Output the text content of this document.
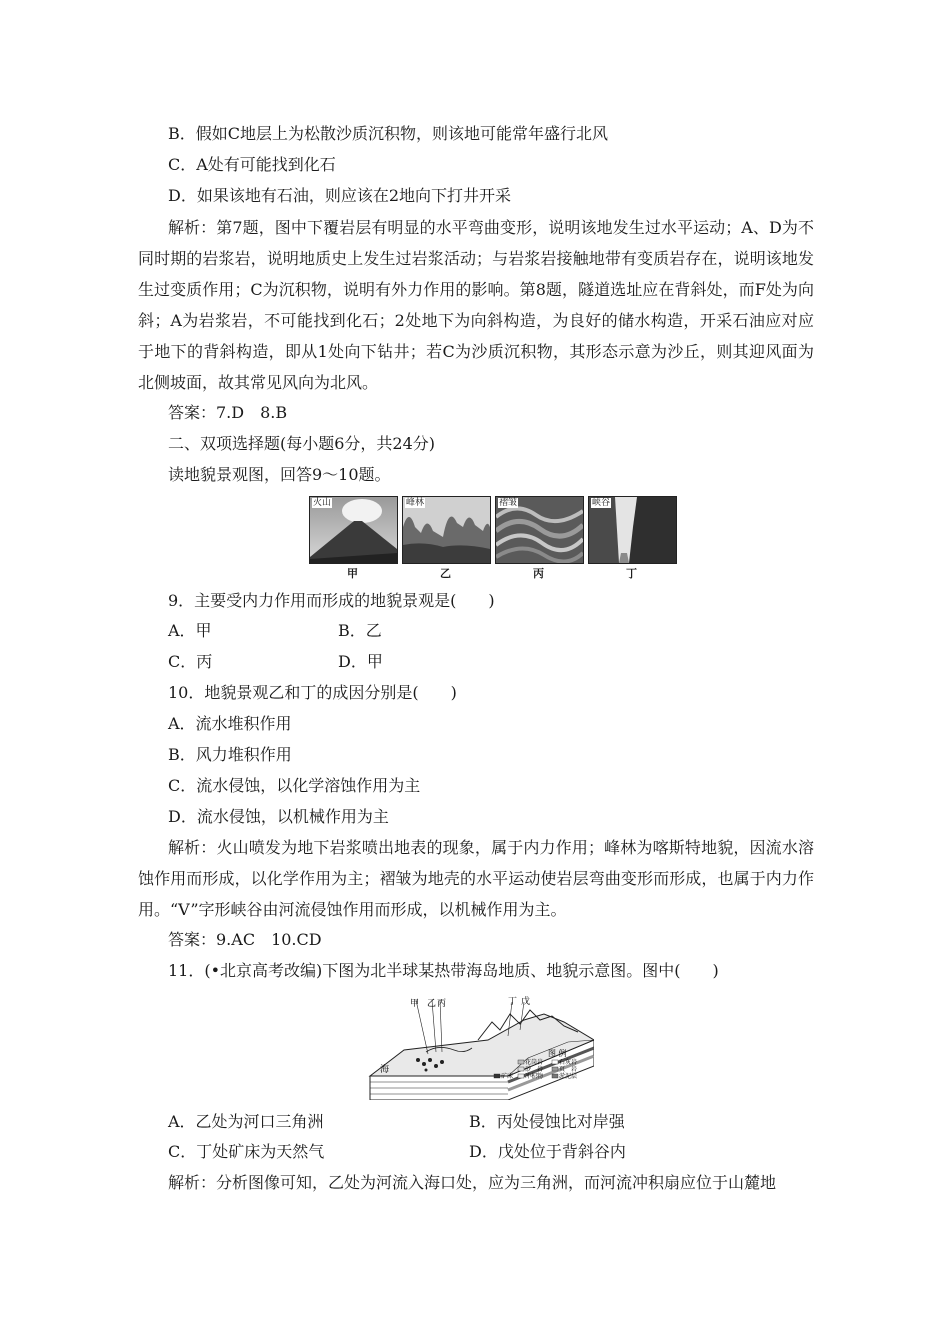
B．假如C地层上为松散沙质沉积物，则该地可能常年盛行北风
C．A处有可能找到化石
D．如果该地有石油，则应该在2地向下打井开采
解析：第7题，图中下覆岩层有明显的水平弯曲变形，说明该地发生过水平运动；A、D为不同时期的岩浆岩，说明地质史上发生过岩浆活动；与岩浆岩接触地带有变质岩存在，说明该地发生过变质作用；C为沉积物，说明有外力作用的影响。第8题，隧道选址应在背斜处，而F处为向斜；A为岩浆岩，不可能找到化石；2处地下为向斜构造，为良好的储水构造，开采石油应对应于地下的背斜构造，即从1处向下钻井；若C为沙质沉积物，其形态示意为沙丘，则其迎风面为北侧坡面，故其常见风向为北风。
答案：7.D　8.B
二、双项选择题(每小题6分，共24分)
读地貌景观图，回答9～10题。
火山	峰林	褶皱	峡谷
甲	乙	丙	丁
9．主要受内力作用而形成的地貌景观是(　　)
A．甲	B．乙
C．丙	D．甲
10．地貌景观乙和丁的成因分别是(　　)
A．流水堆积作用
B．风力堆积作用
C．流水侵蚀，以化学溶蚀作用为主
D．流水侵蚀，以机械作用为主
解析：火山喷发为地下岩浆喷出地表的现象，属于内力作用；峰林为喀斯特地貌，因流水溶蚀作用而形成，以化学作用为主；褶皱为地壳的水平运动使岩层弯曲变形而形成，也属于内力作用。“V”字形峡谷由河流侵蚀作用而形成，以机械作用为主。
答案：9.AC　10.CD
11．(•北京高考改编)下图为北半球某热带海岛地质、地貌示意图。图中(　　)
甲 乙 丙	丁 戊
海
图 例
花岗岩	石灰岩
砂　岩	页　岩
矿床 冲积物	淤泥层
A．乙处为河口三角洲	B．丙处侵蚀比对岸强
C．丁处矿床为天然气	D．戊处位于背斜谷内
解析：分析图像可知，乙处为河流入海口处，应为三角洲，而河流冲积扇应位于山麓地
